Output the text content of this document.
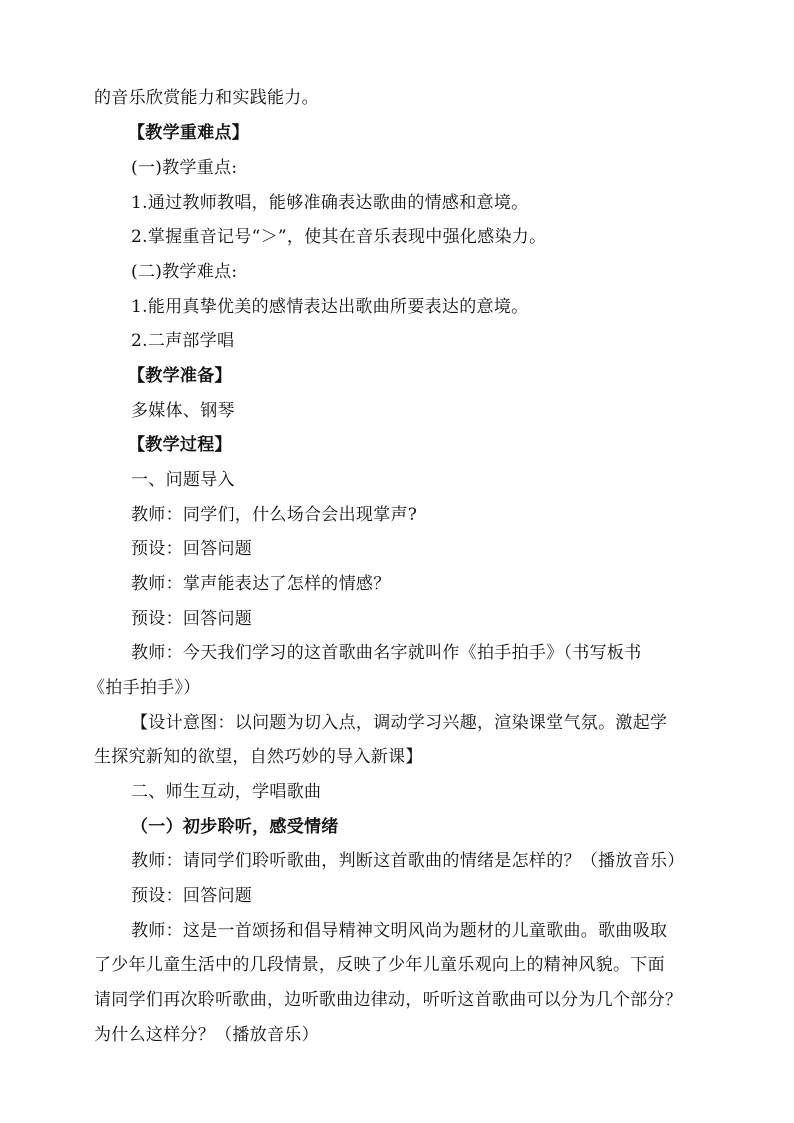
的音乐欣赏能力和实践能力。
【教学重难点】
(一)教学重点:
1.通过教师教唱，能够准确表达歌曲的情感和意境。
2.掌握重音记号“＞”，使其在音乐表现中强化感染力。
(二)教学难点:
1.能用真挚优美的感情表达出歌曲所要表达的意境。
2.二声部学唱
【教学准备】
多媒体、钢琴
【教学过程】
一、问题导入
教师：同学们，什么场合会出现掌声?
预设：回答问题
教师：掌声能表达了怎样的情感？
预设：回答问题
教师：今天我们学习的这首歌曲名字就叫作《拍手拍手》（书写板书
《拍手拍手》）
【设计意图：以问题为切入点，调动学习兴趣，渲染课堂气氛。激起学
生探究新知的欲望，自然巧妙的导入新课】
二、师生互动，学唱歌曲
（一）初步聆听，感受情绪
教师：请同学们聆听歌曲，判断这首歌曲的情绪是怎样的？（播放音乐）
预设：回答问题
教师：这是一首颂扬和倡导精神文明风尚为题材的儿童歌曲。歌曲吸取
了少年儿童生活中的几段情景，反映了少年儿童乐观向上的精神风貌。下面
请同学们再次聆听歌曲，边听歌曲边律动，听听这首歌曲可以分为几个部分？
为什么这样分？（播放音乐）
